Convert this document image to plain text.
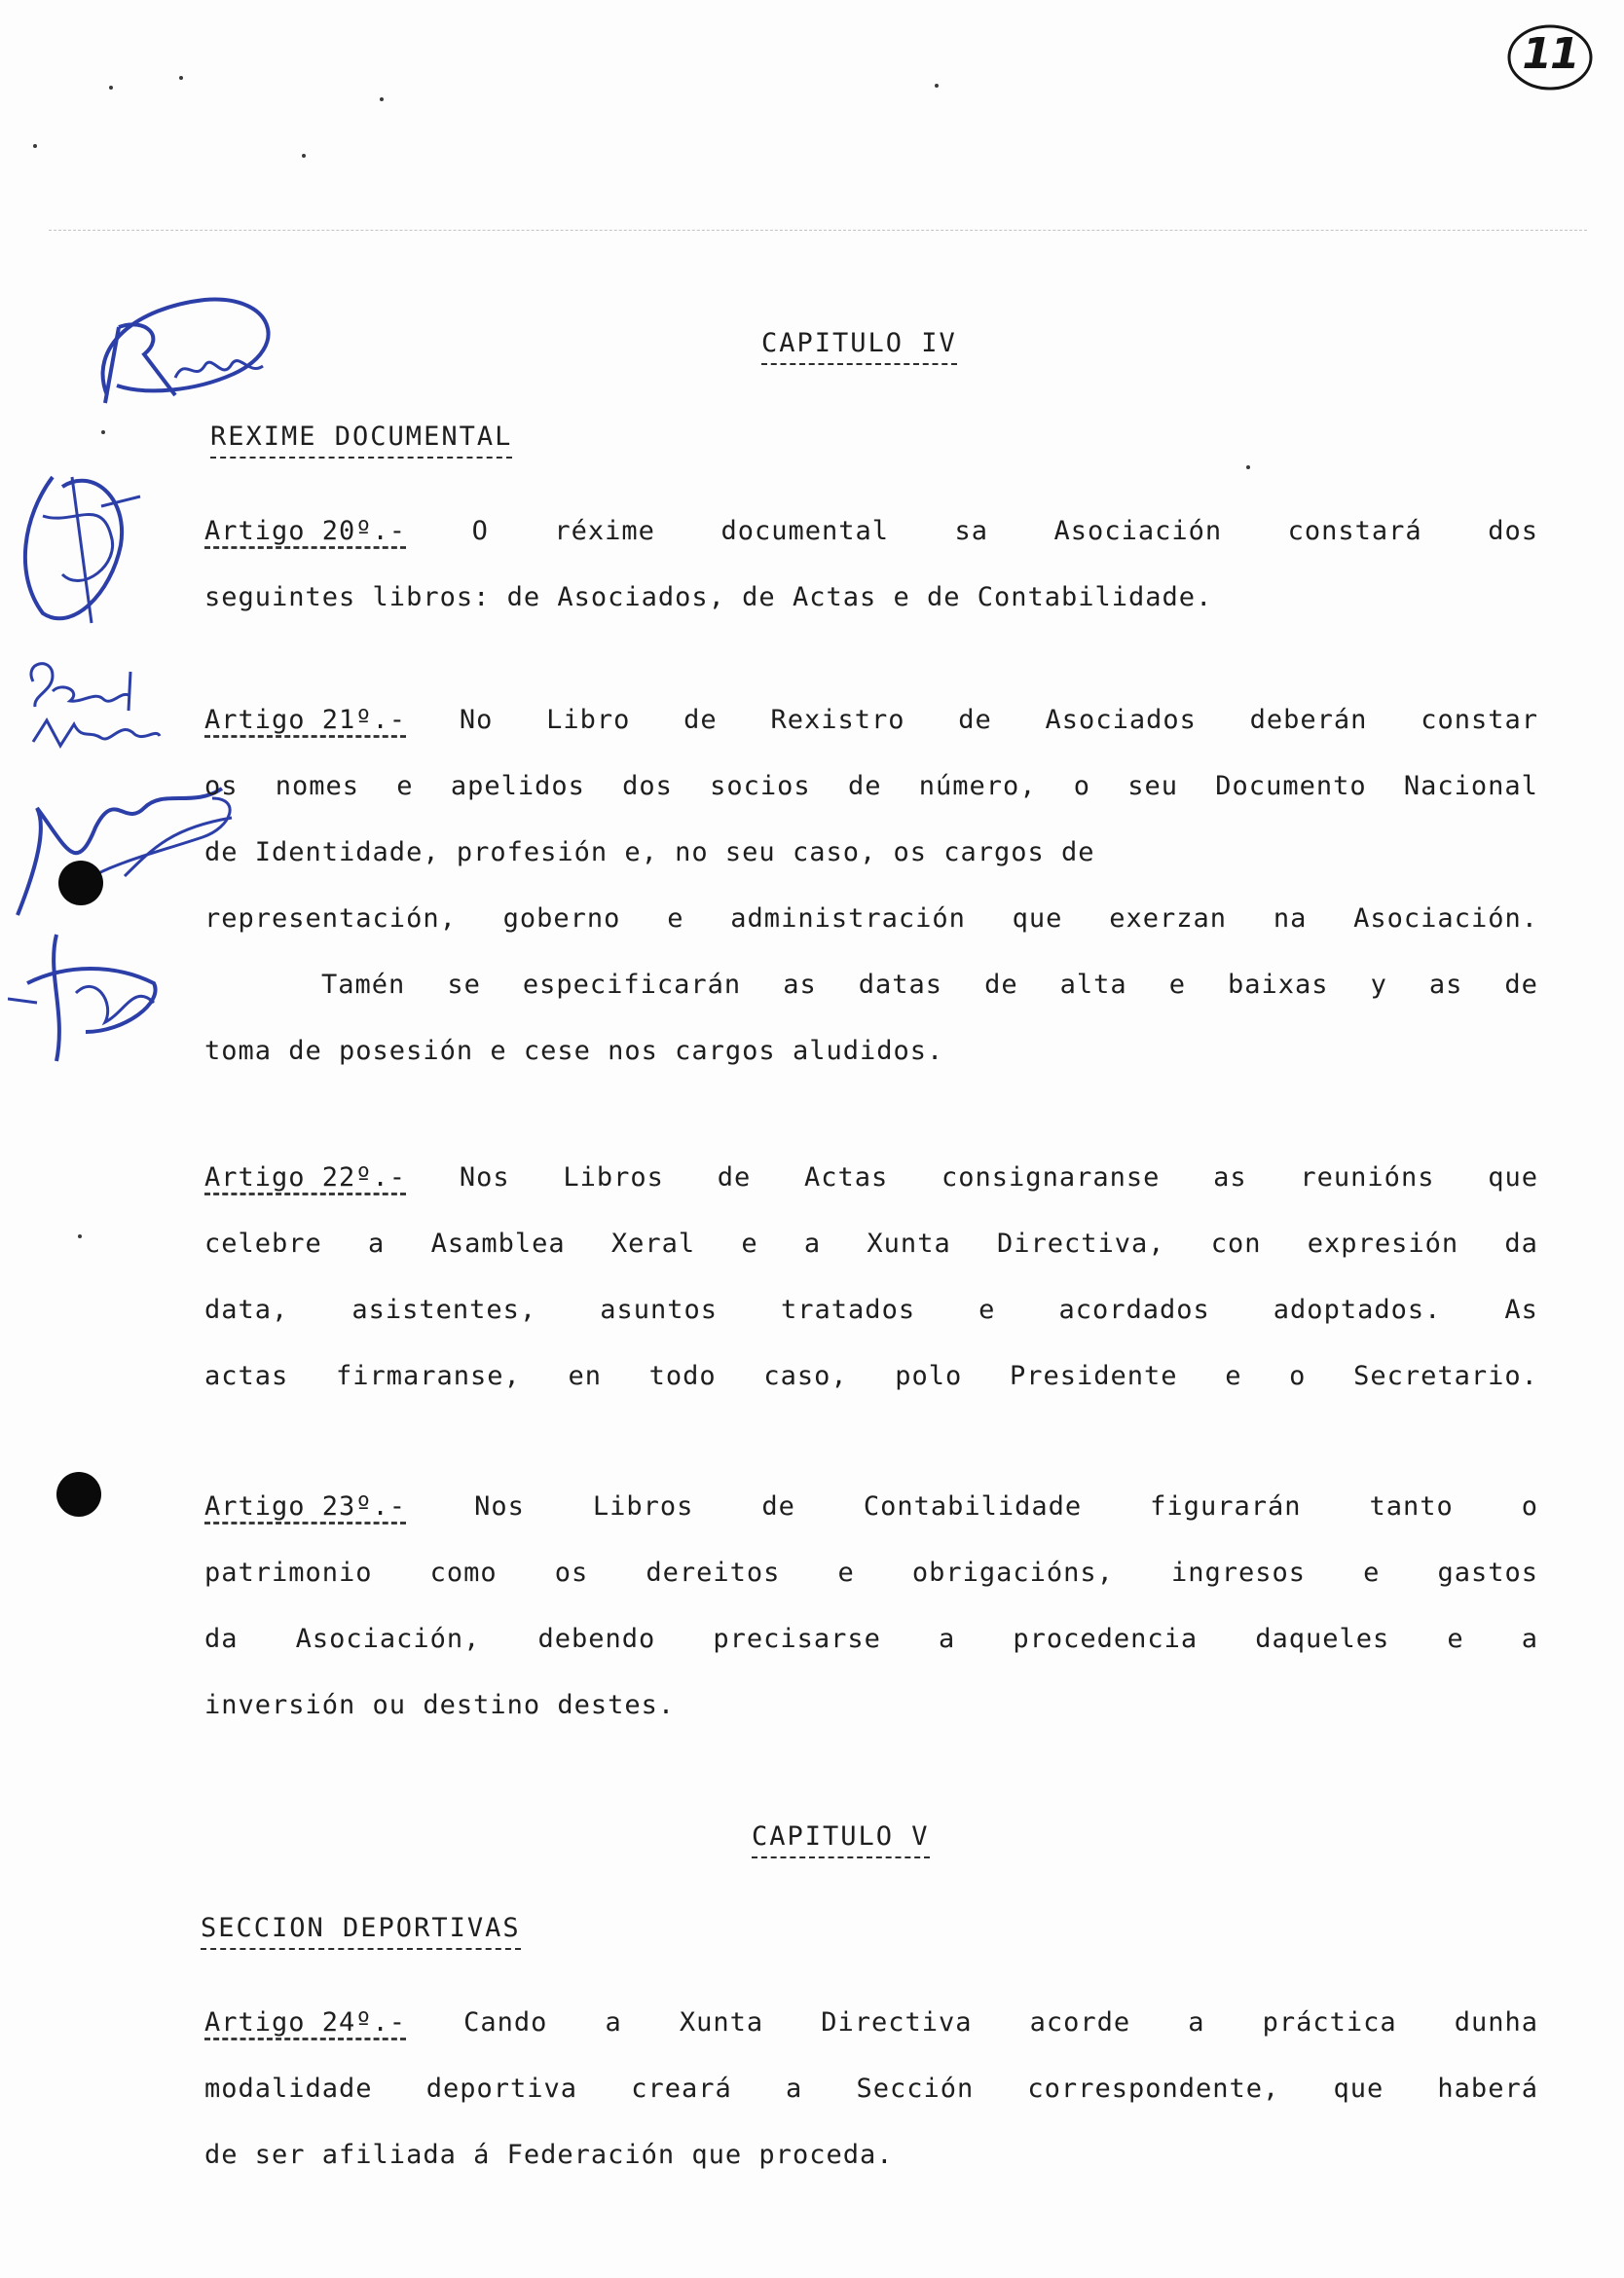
11
CAPITULO IV
REXIME DOCUMENTAL
Artigo 20º.-	O	réxime	documental	sa	Asociación	constará	dos
seguintes libros: de Asociados, de Actas e de Contabilidade.
Artigo 21º.- No Libro de Rexistro de Asociados deberán constar
os nomes e apelidos dos socios de número, o seu Documento Nacional
de Identidade, profesión e, no seu caso, os cargos de
representación, goberno e administración que exerzan na Asociación.
Tamén se especificarán as datas de alta e baixas y as de
toma de posesión e cese nos cargos aludidos.
Artigo 22º.- Nos Libros de Actas consignaranse as reunións que
celebre a Asamblea Xeral e a Xunta Directiva, con expresión da
data, asistentes, asuntos tratados e acordados adoptados. As
actas firmaranse, en todo caso, polo Presidente e o Secretario.
Artigo 23º.-	Nos	Libros	de	Contabilidade	figurarán	tanto	o
patrimonio como os dereitos e obrigacións, ingresos e gastos
da Asociación, debendo precisarse a procedencia daqueles e a
inversión ou destino destes.
CAPITULO V
SECCION DEPORTIVAS
Artigo 24º.- Cando a Xunta Directiva acorde a práctica dunha
modalidade deportiva creará a Sección correspondente, que haberá
de ser afiliada á Federación que proceda.
